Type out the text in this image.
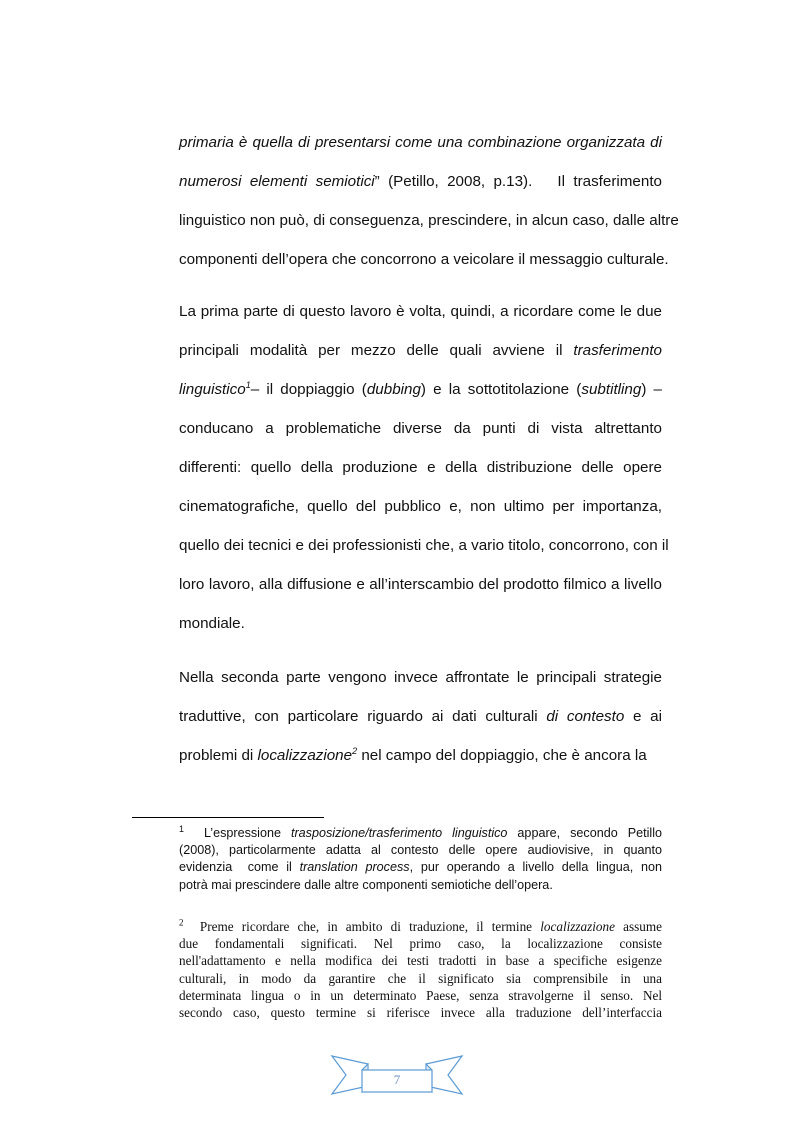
primaria è quella di presentarsi come una combinazione organizzata di
numerosi elementi semiotici” (Petillo, 2008, p.13).   Il trasferimento
linguistico non può, di conseguenza, prescindere, in alcun caso, dalle altre
componenti dell’opera che concorrono a veicolare il messaggio culturale.
La prima parte di questo lavoro è volta, quindi, a ricordare come le due
principali modalità per mezzo delle quali avviene il trasferimento
linguistico$^1$– il doppiaggio (dubbing) e la sottotitolazione (subtitling) –
conducano a problematiche diverse da punti di vista altrettanto
differenti: quello della produzione e della distribuzione delle opere
cinematografiche, quello del pubblico e, non ultimo per importanza,
quello dei tecnici e dei professionisti che, a vario titolo, concorrono, con il
loro lavoro, alla diffusione e all’interscambio del prodotto filmico a livello
mondiale.
Nella seconda parte vengono invece affrontate le principali strategie
traduttive, con particolare riguardo ai dati culturali di contesto e ai
problemi di localizzazione$^2$ nel campo del doppiaggio, che è ancora la
$^1$  L’espressione trasposizione/trasferimento linguistico appare, secondo Petillo
(2008), particolarmente adatta al contesto delle opere audiovisive, in quanto
evidenzia  come il translation process, pur operando a livello della lingua, non
potrà mai prescindere dalle altre componenti semiotiche dell’opera.
$^2$  Preme ricordare che, in ambito di traduzione, il termine localizzazione assume
due fondamentali significati. Nel primo caso, la localizzazione consiste
nell'adattamento e nella modifica dei testi tradotti in base a specifiche esigenze
culturali, in modo da garantire che il significato sia comprensibile in una
determinata lingua o in un determinato Paese, senza stravolgerne il senso. Nel
secondo caso, questo termine si riferisce invece alla traduzione dell’interfaccia
7
